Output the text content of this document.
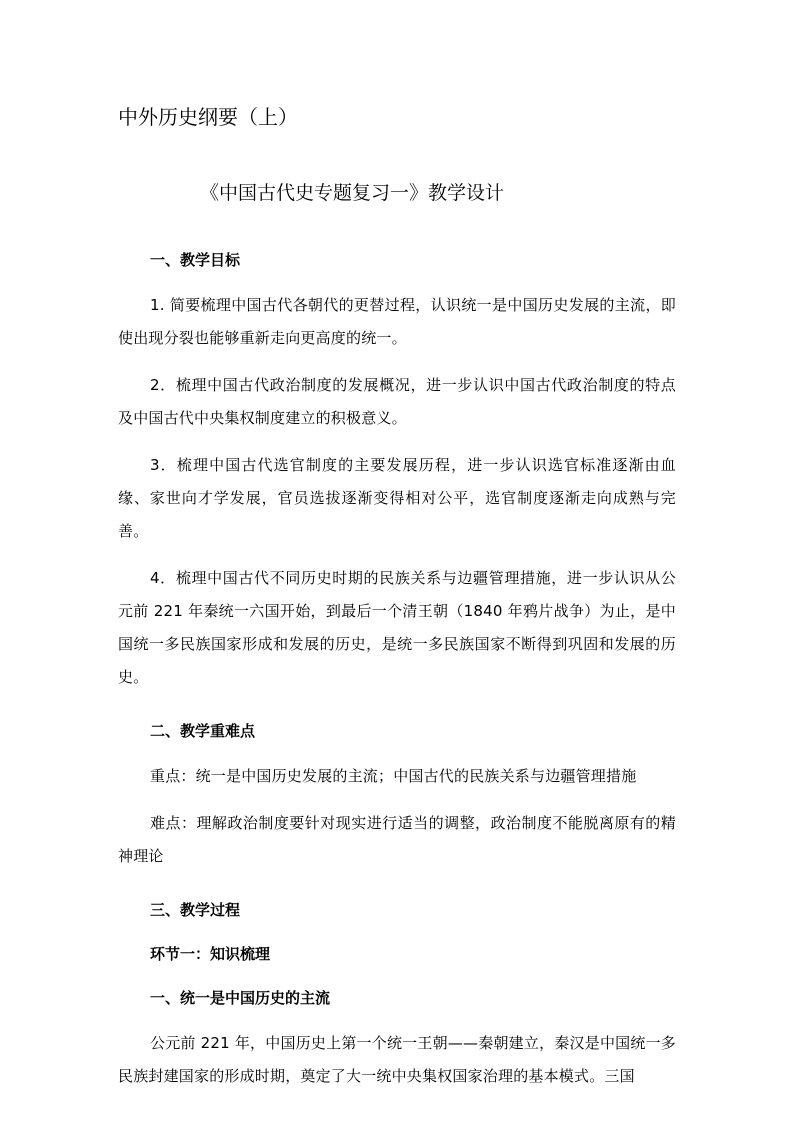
中外历史纲要（上）
《中国古代史专题复习一》教学设计
一、教学目标

1. 简要梳理中国古代各朝代的更替过程，认识统一是中国历史发展的主流，即使出现分裂也能够重新走向更高度的统一。

2．梳理中国古代政治制度的发展概况，进一步认识中国古代政治制度的特点及中国古代中央集权制度建立的积极意义。

3．梳理中国古代选官制度的主要发展历程，进一步认识选官标准逐渐由血缘、家世向才学发展，官员选拔逐渐变得相对公平，选官制度逐渐走向成熟与完善。

4．梳理中国古代不同历史时期的民族关系与边疆管理措施，进一步认识从公元前 221 年秦统一六国开始，到最后一个清王朝（1840 年鸦片战争）为止，是中国统一多民族国家形成和发展的历史，是统一多民族国家不断得到巩固和发展的历史。

二、教学重难点

重点：统一是中国历史发展的主流；中国古代的民族关系与边疆管理措施

难点：理解政治制度要针对现实进行适当的调整，政治制度不能脱离原有的精神理论

三、教学过程
环节一：知识梳理
一、统一是中国历史的主流

公元前 221 年，中国历史上第一个统一王朝——秦朝建立，秦汉是中国统一多民族封建国家的形成时期，奠定了大一统中央集权国家治理的基本模式。三国
